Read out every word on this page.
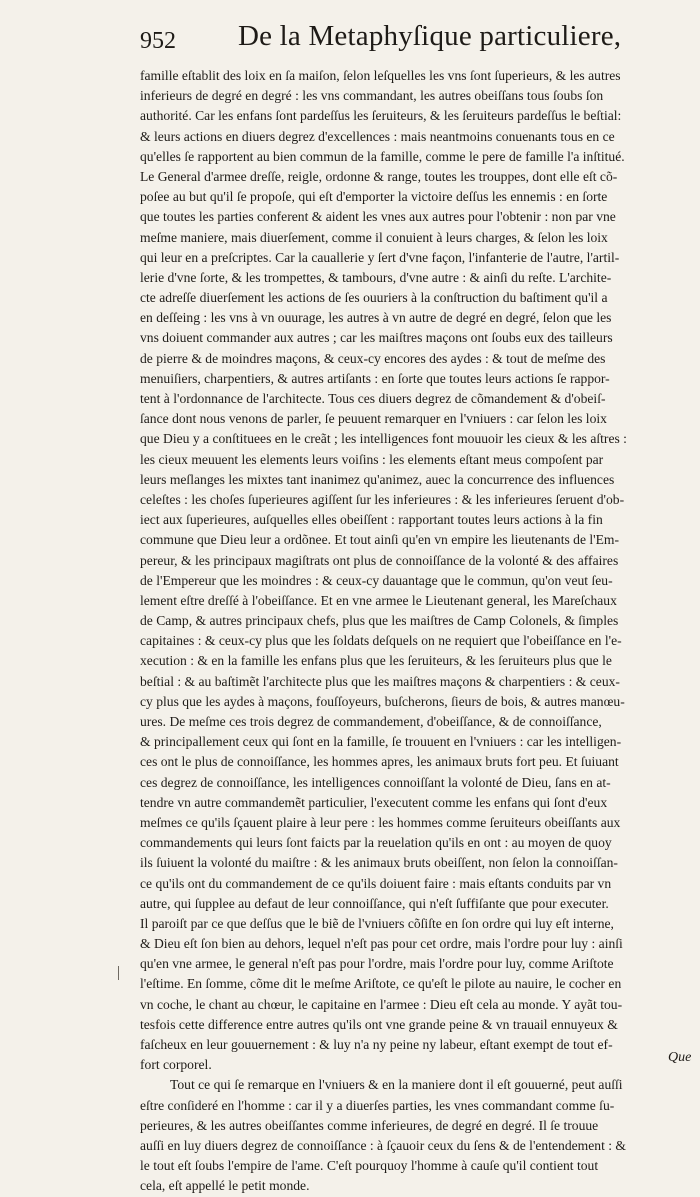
952 De la Metaphyſique particuliere,
famille eſtablit des loix en ſa maiſon, ſelon leſquelles les vns ſont ſuperieurs, & les autres
inferieurs de degré en degré : les vns commandant, les autres obeiſſans tous ſoubs ſon
authorité. Car les enfans ſont pardeſſus les ſeruiteurs, & les ſeruiteurs pardeſſus le beſtial:
& leurs actions en diuers degrez d'excellences : mais neantmoins conuenants tous en ce
qu'elles ſe rapportent au bien commun de la famille, comme le pere de famille l'a inſtitué.
Le General d'armee dreſſe, reigle, ordonne & range, toutes les trouppes, dont elle eſt cõ-
poſee au but qu'il ſe propoſe, qui eſt d'emporter la victoire deſſus les ennemis : en ſorte
que toutes les parties conferent & aident les vnes aux autres pour l'obtenir : non par vne
meſme maniere, mais diuerſement, comme il conuient à leurs charges, & ſelon les loix
qui leur en a preſcriptes. Car la cauallerie y ſert d'vne façon, l'infanterie de l'autre, l'artil-
lerie d'vne ſorte, & les trompettes, & tambours, d'vne autre : & ainſi du reſte. L'archite-
cte adreſſe diuerſement les actions de ſes ouuriers à la conſtruction du baſtiment qu'il a
en deſſeing : les vns à vn ouurage, les autres à vn autre de degré en degré, ſelon que les
vns doiuent commander aux autres ; car les maiſtres maçons ont ſoubs eux des tailleurs
de pierre & de moindres maçons, & ceux-cy encores des aydes : & tout de meſme des
menuiſiers, charpentiers, & autres artiſants : en ſorte que toutes leurs actions ſe rappor-
tent à l'ordonnance de l'architecte. Tous ces diuers degrez de cõmandement & d'obeiſ-
ſance dont nous venons de parler, ſe peuuent remarquer en l'vniuers : car ſelon les loix
que Dieu y a conſtituees en le creãt ; les intelligences font mouuoir les cieux & les aſtres :
les cieux meuuent les elements leurs voiſins : les elements eſtant meus compoſent par
leurs meſlanges les mixtes tant inanimez qu'animez, auec la concurrence des influences
celeſtes : les choſes ſuperieures agiſſent ſur les inferieures : & les inferieures ſeruent d'ob-
iect aux ſuperieures, auſquelles elles obeiſſent : rapportant toutes leurs actions à la fin
commune que Dieu leur a ordõnee. Et tout ainſi qu'en vn empire les lieutenants de l'Em-
pereur, & les principaux magiſtrats ont plus de connoiſſance de la volonté & des affaires
de l'Empereur que les moindres : & ceux-cy dauantage que le commun, qu'on veut ſeu-
lement eſtre dreſſé à l'obeiſſance. Et en vne armee le Lieutenant general, les Mareſchaux
de Camp, & autres principaux chefs, plus que les maiſtres de Camp Colonels, & ſimples
capitaines : & ceux-cy plus que les ſoldats deſquels on ne requiert que l'obeiſſance en l'e-
xecution : & en la famille les enfans plus que les ſeruiteurs, & les ſeruiteurs plus que le
beſtial : & au baſtimẽt l'architecte plus que les maiſtres maçons & charpentiers : & ceux-
cy plus que les aydes à maçons, fouſſoyeurs, buſcherons, ſieurs de bois, & autres manœu-
ures. De meſme ces trois degrez de commandement, d'obeiſſance, & de connoiſſance,
& principallement ceux qui ſont en la famille, ſe trouuent en l'vniuers : car les intelligen-
ces ont le plus de connoiſſance, les hommes apres, les animaux bruts fort peu. Et ſuiuant
ces degrez de connoiſſance, les intelligences connoiſſant la volonté de Dieu, ſans en at-
tendre vn autre commandemẽt particulier, l'executent comme les enfans qui ſont d'eux
meſmes ce qu'ils ſçauent plaire à leur pere : les hommes comme ſeruiteurs obeiſſants aux
commandements qui leurs ſont faicts par la reuelation qu'ils en ont : au moyen de quoy
ils ſuiuent la volonté du maiſtre : & les animaux bruts obeiſſent, non ſelon la connoiſſan-
ce qu'ils ont du commandement de ce qu'ils doiuent faire : mais eſtants conduits par vn
autre, qui ſupplee au defaut de leur connoiſſance, qui n'eſt ſuffiſante que pour executer.
Il paroiſt par ce que deſſus que le biẽ de l'vniuers cõſiſte en ſon ordre qui luy eſt interne,
& Dieu eſt ſon bien au dehors, lequel n'eſt pas pour cet ordre, mais l'ordre pour luy : ainſi
qu'en vne armee, le general n'eſt pas pour l'ordre, mais l'ordre pour luy, comme Ariſtote
l'eſtime. En ſomme, cõme dit le meſme Ariſtote, ce qu'eſt le pilote au nauire, le cocher en
vn coche, le chant au chœur, le capitaine en l'armee : Dieu eſt cela au monde. Y ayãt tou-
tesfois cette difference entre autres qu'ils ont vne grande peine & vn trauail ennuyeux &
faſcheux en leur gouuernement : & luy n'a ny peine ny labeur, eſtant exempt de tout ef-
fort corporel.
Tout ce qui ſe remarque en l'vniuers & en la maniere dont il eſt gouuerné, peut auſſi
eſtre conſideré en l'homme : car il y a diuerſes parties, les vnes commandant comme ſu-
perieures, & les autres obeiſſantes comme inferieures, de degré en degré. Il ſe trouue
auſſi en luy diuers degrez de connoiſſance : à ſçauoir ceux du ſens & de l'entendement : &
le tout eſt ſoubs l'empire de l'ame. C'eſt pourquoy l'homme à cauſe qu'il contient tout
cela, eſt appellé le petit monde.
Que
